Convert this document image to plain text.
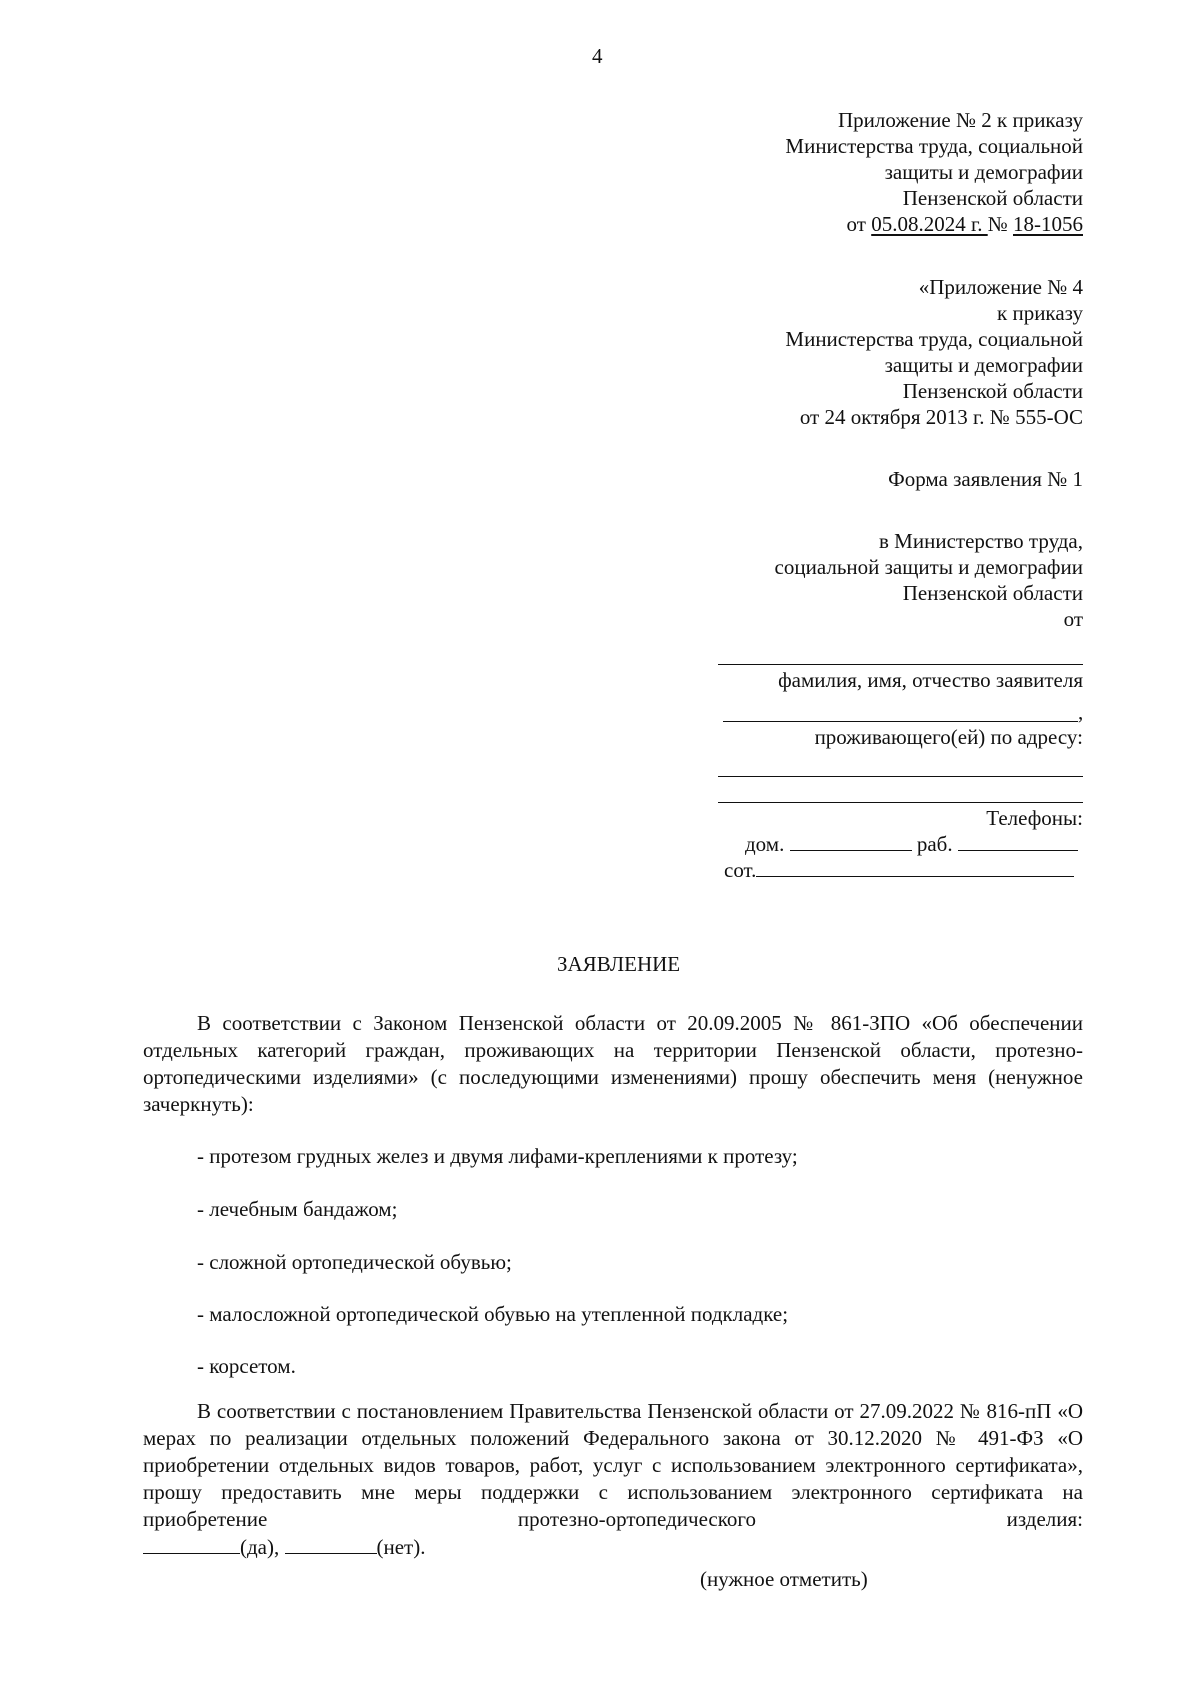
4
Приложение № 2 к приказу
Министерства труда, социальной
защиты и демографии
Пензенской области
от 05.08.2024 г. № 18-1056
«Приложение № 4
к приказу
Министерства труда, социальной
защиты и демографии
Пензенской области
от 24 октября 2013 г. № 555-ОС
Форма заявления № 1
в Министерство труда,
социальной защиты и демографии
Пензенской области
от
фамилия, имя, отчество заявителя
,
проживающего(ей) по адресу:
Телефоны:
дом.	раб.
сот.
ЗАЯВЛЕНИЕ
В соответствии с Законом Пензенской области от 20.09.2005 № 861-ЗПО «Об обеспечении отдельных категорий граждан, проживающих на территории Пензенской области, протезно-ортопедическими изделиями» (с последующими изменениями) прошу обеспечить меня (ненужное зачеркнуть):
- протезом грудных желез и двумя лифами-креплениями к протезу;
- лечебным бандажом;
- сложной ортопедической обувью;
- малосложной ортопедической обувью на утепленной подкладке;
- корсетом.
В соответствии с постановлением Правительства Пензенской области от 27.09.2022 № 816-пП «О мерах по реализации отдельных положений Федерального закона от 30.12.2020 № 491-ФЗ «О приобретении отдельных видов товаров, работ, услуг с использованием электронного сертификата», прошу предоставить мне меры поддержки с использованием электронного сертификата на приобретение протезно-ортопедического изделия:
(да),	(нет).
(нужное отметить)
